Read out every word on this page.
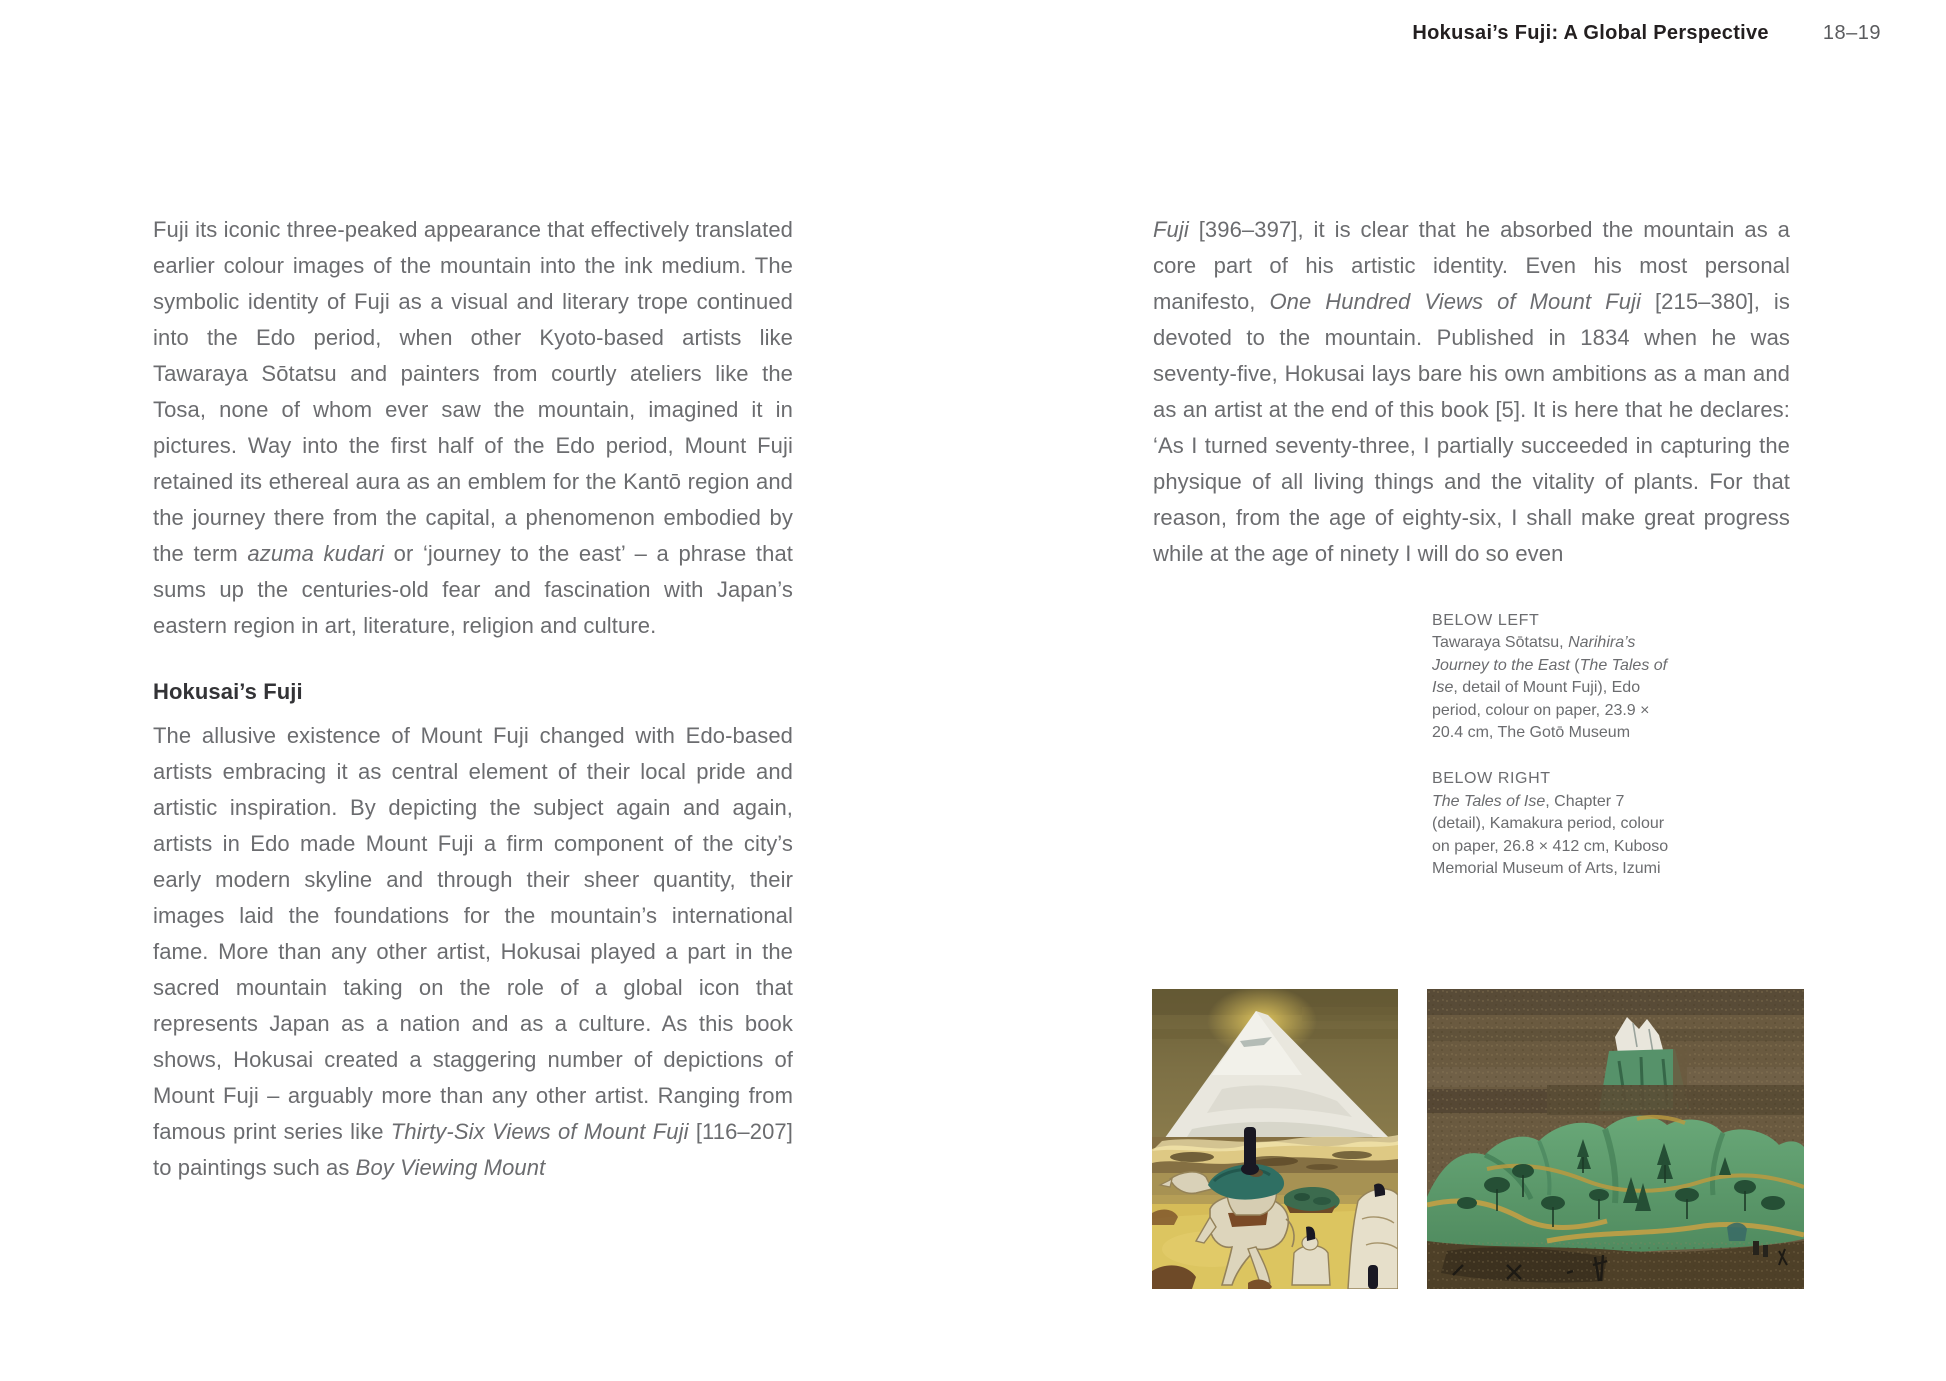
Hokusai’s Fuji: A Global Perspective	18–19

Fuji its iconic three-peaked appearance that effectively translated earlier colour images of the mountain into the ink medium. The symbolic identity of Fuji as a visual and literary trope continued into the Edo period, when other Kyoto-based artists like Tawaraya Sōtatsu and painters from courtly ateliers like the Tosa, none of whom ever saw the mountain, imagined it in pictures. Way into the first half of the Edo period, Mount Fuji retained its ethereal aura as an emblem for the Kantō region and the journey there from the capital, a phenomenon embodied by the term azuma kudari or ‘journey to the east’ – a phrase that sums up the centuries-old fear and fascination with Japan’s eastern region in art, literature, religion and culture.

Hokusai’s Fuji

The allusive existence of Mount Fuji changed with Edo-based artists embracing it as central element of their local pride and artistic inspiration. By depicting the subject again and again, artists in Edo made Mount Fuji a firm component of the city’s early modern skyline and through their sheer quantity, their images laid the foundations for the mountain’s international fame. More than any other artist, Hokusai played a part in the sacred mountain taking on the role of a global icon that represents Japan as a nation and as a culture. As this book shows, Hokusai created a staggering number of depictions of Mount Fuji – arguably more than any other artist. Ranging from famous print series like Thirty-Six Views of Mount Fuji [116–207] to paintings such as Boy Viewing Mount

Fuji [396–397], it is clear that he absorbed the mountain as a core part of his artistic identity. Even his most personal manifesto, One Hundred Views of Mount Fuji [215–380], is devoted to the mountain. Published in 1834 when he was seventy-five, Hokusai lays bare his own ambitions as a man and as an artist at the end of this book [5]. It is here that he declares: ‘As I turned seventy-three, I partially succeeded in capturing the physique of all living things and the vitality of plants. For that reason, from the age of eighty-six, I shall make great progress while at the age of ninety I will do so even

BELOW LEFT
Tawaraya Sōtatsu, Narihira’s Journey to the East (The Tales of Ise, detail of Mount Fuji), Edo period, colour on paper, 23.9 × 20.4 cm, The Gotō Museum

BELOW RIGHT
The Tales of Ise, Chapter 7 (detail), Kamakura period, colour on paper, 26.8 × 412 cm, Kuboso Memorial Museum of Arts, Izumi
